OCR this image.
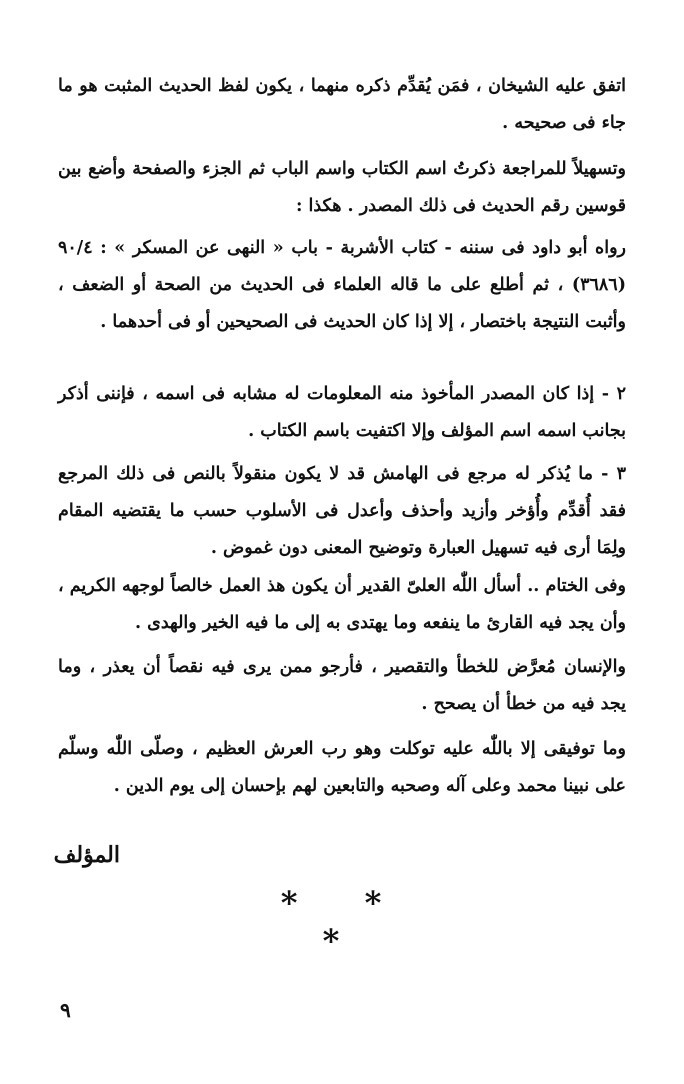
اتفق عليه الشيخان ، فمَن يُقدِّم ذكره منهما ، يكون لفظ الحديث المثبت هو ما جاء فى صحيحه .

وتسهيلاً للمراجعة ذكرتُ اسم الكتاب واسم الباب ثم الجزء والصفحة وأضع بين قوسين رقم الحديث فى ذلك المصدر . هكذا :

رواه أبو داود فى سننه - كتاب الأشربة - باب « النهى عن المسكر » : ٩٠/٤ (٣٦٨٦) ، ثم أطلع على ما قاله العلماء فى الحديث من الصحة أو الضعف ، وأثبت النتيجة باختصار ، إلا إذا كان الحديث فى الصحيحين أو فى أحدهما .

٢ - إذا كان المصدر المأخوذ منه المعلومات له مشابه فى اسمه ، فإننى أذكر بجانب اسمه اسم المؤلف وإلا اكتفيت باسم الكتاب .

٣ - ما يُذكر له مرجع فى الهامش قد لا يكون منقولاً بالنص فى ذلك المرجع فقد أُقدِّم وأُؤخر وأزيد وأحذف وأعدل فى الأسلوب حسب ما يقتضيه المقام ولِمَا أرى فيه تسهيل العبارة وتوضيح المعنى دون غموض .

وفى الختام .. أسأل اللّٰه العلىّ القدير أن يكون هذ العمل خالصاً لوجهه الكريم ، وأن يجد فيه القارئ ما ينفعه وما يهتدى به إلى ما فيه الخير والهدى .

والإنسان مُعرَّض للخطأ والتقصير ، فأرجو ممن يرى فيه نقصاً أن يعذر ، وما يجد فيه من خطأ أن يصحح .

وما توفيقى إلا باللّٰه عليه توكلت وهو رب العرش العظيم ، وصلّى اللّٰه وسلّم على نبينا محمد وعلى آله وصحبه والتابعين لهم بإحسان إلى يوم الدين .

المؤلف

* * *

٩
